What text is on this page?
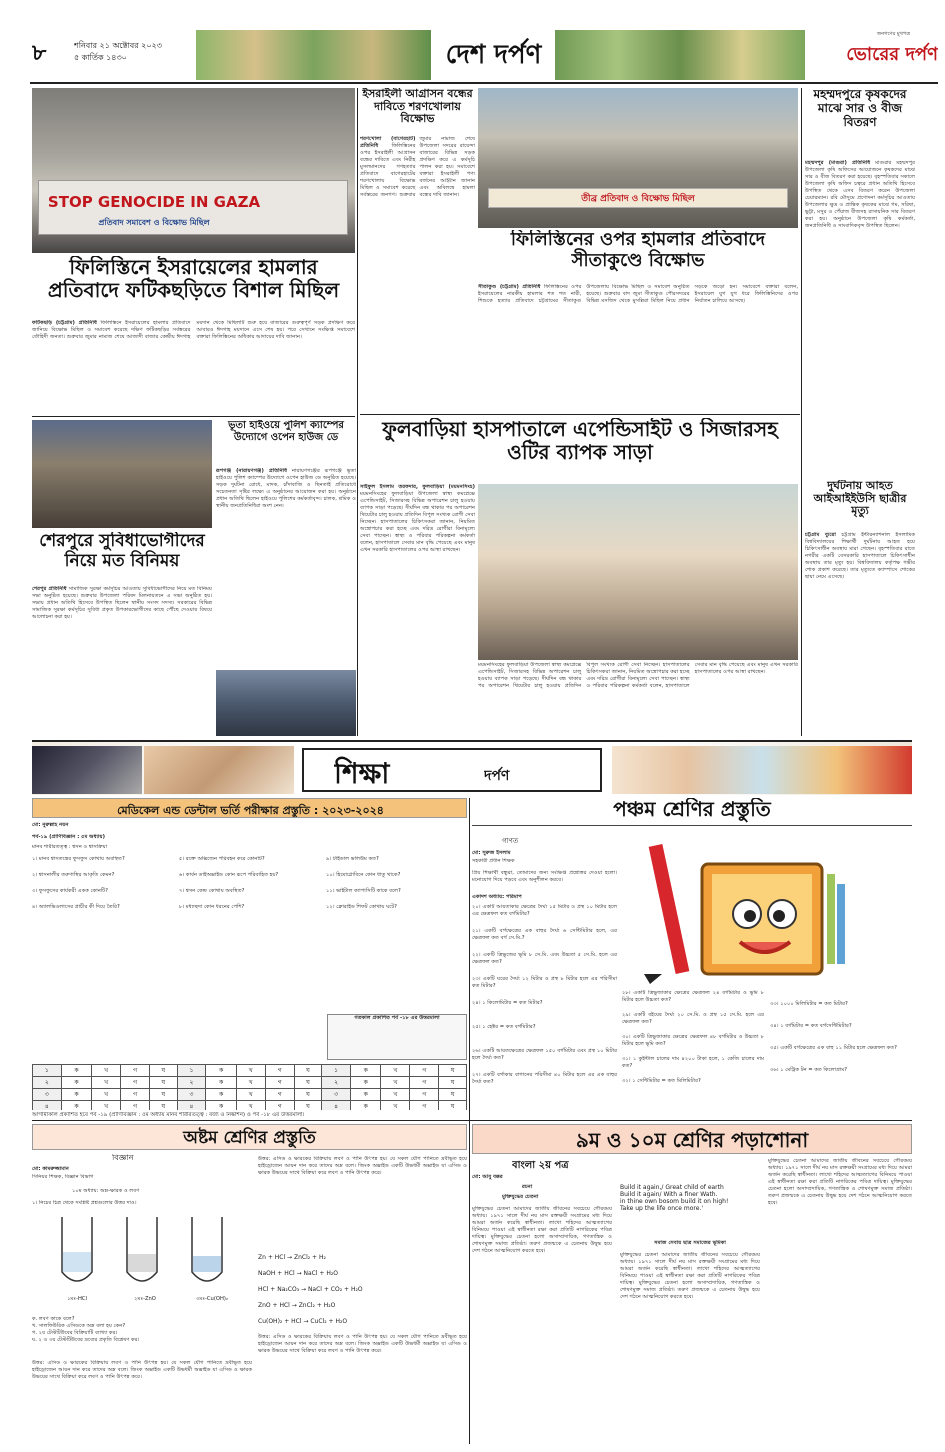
৮	শনিবার ২১ অক্টোবর ২০২৩
৫ কার্তিক ১৪৩০	দেশ দর্পণ
জনগণের মুখপত্র
ভোরের দর্পণ
STOP GENOCIDE IN GAZA
প্রতিবাদ সমাবেশ ও বিক্ষোভ মিছিল
ফিলিস্তিনে ইসরায়েলের হামলার প্রতিবাদে ফটিকছড়িতে বিশাল মিছিল
ফটিকছড়ি (চট্টগ্রাম) প্রতিনিধি ফিলিস্তিনে ইসরায়েলের হামলার প্রতিবাদে জানিয়ে বিক্ষোভ মিছিল ও সমাবেশ করেছে দক্ষিণ ফটিকছড়ির সর্বস্তরের তৌহিদী জনতা। শুক্রবার জুমার নামাজ শেষে আজাদী বাজার কেন্দ্রীয় ঈদগাহ ময়দান থেকে মিছিলটি শুরু হয়ে বাজারের গুরুত্বপূর্ণ সড়ক প্রদক্ষিণ করে আবারও ঈদগাহ ময়দানে এসে শেষ হয়। পরে সেখানে সংক্ষিপ্ত সমাবেশে বক্তারা ফিলিস্তিনের অধিকার আদায়ের দাবি জানান।
ইসরাইলী আগ্রাসন বন্ধের দাবিতে শরণখোলায় বিক্ষোভ
শরণখোলা (বাগেরহাট) প্রতিনিধি	ফিলিস্তিনের ওপর ইসরাইলী আগ্রাসন বন্ধের দাবিতে এবং নিরীহ মুসলমানদের গণহত্যার প্রতিবাদে বাগেরহাটের শরণখোলায় বিক্ষোভ মিছিল ও সমাবেশ করেছে সর্বস্তরের জনগণ। শুক্রবার জুমার নামাজ শেষে উপজেলা সদরের রায়েন্দা বাজারের বিভিন্ন সড়ক প্রদক্ষিণ করে এ কর্মসূচি পালন করা হয়। সমাবেশে বক্তারা ইসরাইলী পণ্য বর্জনের আহ্বান জানান এবং অবিলম্বে হামলা বন্ধের দাবি জানান।	তীব্র প্রতিবাদ ও বিক্ষোভ মিছিল
ফিলিস্তিনের ওপর হামলার প্রতিবাদে সীতাকুণ্ডে বিক্ষোভ
সীতাকুণ্ড (চট্টগ্রাম) প্রতিনিধি ফিলিস্তিনের ওপর ইসরায়েলের নারকীয় হামলার শত শত নারী, শিশুকে হত্যার প্রতিবাদে চট্টগ্রামের সীতাকুণ্ড উপজেলায় বিক্ষোভ মিছিল ও সমাবেশ অনুষ্ঠিত হয়েছে। শুক্রবার বাদ জুমা সীতাকুণ্ড পৌরসদরের বিভিন্ন মসজিদ থেকে মুসল্লিরা মিছিল নিয়ে প্রধান সড়কে জড়ো হন। সমাবেশে বক্তারা বলেন, ইসরায়েল যুগ যুগ ধরে ফিলিস্তিনিদের ওপর নির্যাতন চালিয়ে আসছে।
মহম্মদপুরে কৃষকদের মাঝে সার ও বীজ বিতরণ
মহম্মদপুর (মাগুরা) প্রতিনিধি মাগুরার মহম্মদপুর উপজেলা কৃষি অফিসের আয়োজনে কৃষকদের মাঝে সার ও বীজ বিতরণ করা হয়েছে। বৃহস্পতিবার সকালে উপজেলা কৃষি অফিস চত্বরে প্রধান অতিথি হিসেবে উপস্থিত থেকে এসব বিতরণ করেন উপজেলা চেয়ারম্যান। রবি মৌসুমে প্রণোদনা কর্মসূচির আওতায় উপজেলার ক্ষুদ্র ও প্রান্তিক কৃষকের মাঝে গম, সরিষা, ভুট্টা, মসুর ও পেঁয়াজ বীজসহ রাসায়নিক সার বিতরণ করা হয়। অনুষ্ঠানে উপজেলা কৃষি কর্মকর্তা, জনপ্রতিনিধি ও সাংবাদিকবৃন্দ উপস্থিত ছিলেন।
ভূতা হাইওয়ে পুলিশ ক্যাম্পের উদ্যোগে ওপেন হাউজ ডে
রূপগঞ্জ (নারায়ণগঞ্জ) প্রতিনিধি নারায়ণগঞ্জের রূপগঞ্জে ভূতা হাইওয়ে পুলিশ ক্যাম্পের উদ্যোগে ওপেন হাউজ ডে অনুষ্ঠিত হয়েছে। সড়ক দুর্ঘটনা রোধে, মাদক, চাঁদাবাজি ও ছিনতাই প্রতিরোধে সচেতনতা সৃষ্টির লক্ষ্যে এ অনুষ্ঠানের আয়োজন করা হয়। অনুষ্ঠানে প্রধান অতিথি ছিলেন হাইওয়ে পুলিশের কর্মকর্তাবৃন্দ। চালক, শ্রমিক ও স্থানীয় জনপ্রতিনিধিরা অংশ নেন।
শেরপুরে সুবিধাভোগীদের নিয়ে মত বিনিময়
শেরপুর প্রতিনিধি সামাজিক সুরক্ষা কর্মসূচির আওতায় সুবিধাভোগীদের নিয়ে মত বিনিময় সভা অনুষ্ঠিত হয়েছে। শুক্রবার উপজেলা পরিষদ মিলনায়তনে এ সভা অনুষ্ঠিত হয়। সভায় প্রধান অতিথি হিসেবে উপস্থিত ছিলেন স্থানীয় সংসদ সদস্য। সরকারের বিভিন্ন সামাজিক সুরক্ষা কর্মসূচির সুবিধা প্রকৃত উপকারভোগীদের কাছে পৌঁছে দেওয়ার বিষয়ে আলোচনা করা হয়।
ফুলবাড়িয়া হাসপাতালে এপেন্ডিসাইট ও সিজারসহ ওটির ব্যাপক সাড়া
সাইফুল ইসলাম তরফদার, ফুলবাড়িয়া (ময়মনসিংহ) ময়মনসিংহের ফুলবাড়িয়া উপজেলা স্বাস্থ্য কমপ্লেক্সে এপেন্ডিসাইট, সিজারসহ বিভিন্ন অপারেশন চালু হওয়ায় ব্যাপক সাড়া পড়েছে। দীর্ঘদিন বন্ধ থাকার পর অপারেশন থিয়েটার চালু হওয়ায় প্রতিদিন বিপুল সংখ্যক রোগী সেবা নিচ্ছেন। হাসপাতালের চিকিৎসকরা জানান, নিয়মিত অস্ত্রোপচার করা হচ্ছে এবং দরিদ্র রোগীরা বিনামূল্যে সেবা পাচ্ছেন। স্বাস্থ্য ও পরিবার পরিকল্পনা কর্মকর্তা বলেন, হাসপাতালে সেবার মান বৃদ্ধি পেয়েছে এবং মানুষ এখন সরকারি হাসপাতালের ওপর আস্থা রাখছেন।
ময়মনসিংহের ফুলবাড়িয়া উপজেলা স্বাস্থ্য কমপ্লেক্সে এপেন্ডিসাইট, সিজারসহ বিভিন্ন অপারেশন চালু হওয়ায় ব্যাপক সাড়া পড়েছে। দীর্ঘদিন বন্ধ থাকার পর অপারেশন থিয়েটার চালু হওয়ায় প্রতিদিন বিপুল সংখ্যক রোগী সেবা নিচ্ছেন। হাসপাতালের চিকিৎসকরা জানান, নিয়মিত অস্ত্রোপচার করা হচ্ছে এবং দরিদ্র রোগীরা বিনামূল্যে সেবা পাচ্ছেন। স্বাস্থ্য ও পরিবার পরিকল্পনা কর্মকর্তা বলেন, হাসপাতালে সেবার মান বৃদ্ধি পেয়েছে এবং মানুষ এখন সরকারি হাসপাতালের ওপর আস্থা রাখছেন।
দুর্ঘটনায় আহত আইআইইউসি ছাত্রীর মৃত্যু
চট্টগ্রাম ব্যুরো চট্টগ্রাম ইন্টারন্যাশনাল ইসলামিক বিশ্ববিদ্যালয়ের শিক্ষার্থী দুর্ঘটনায় আহত হয়ে চিকিৎসাধীন অবস্থায় মারা গেছেন। বৃহস্পতিবার রাতে নগরীর একটি বেসরকারি হাসপাতালে চিকিৎসাধীন অবস্থায় তার মৃত্যু হয়। বিশ্ববিদ্যালয় কর্তৃপক্ষ গভীর শোক প্রকাশ করেছে। তার মৃত্যুতে ক্যাম্পাসে শোকের ছায়া নেমে এসেছে।
শিক্ষা	দর্পণ
মেডিকেল এন্ড ডেন্টাল ভর্তি পরীক্ষার প্রস্তুতি : ২০২৩-২০২৪
মো: নুরুল্লাহ নয়ন
পর্ব-১৯ (প্রাণিবিজ্ঞান : ৫ম অধ্যায়)
মানব শারীরতত্ত্ব : শ্বসন ও শ্বাসক্রিয়া
১। মানব শ্বাসতন্ত্রের ফুসফুস কোথায় অবস্থিত?
২। শ্বাসনালীর তরুণাস্থির আকৃতি কেমন?
৩। ফুসফুসের কার্যকরী একক কোনটি?
৪। অ্যালভিওলাসের প্রাচীর কী দিয়ে তৈরি?
৫। রক্তে অক্সিজেন পরিবহন করে কোনটি?
৬। কার্বন ডাইঅক্সাইড কোন রূপে পরিবাহিত হয়?
৭। শ্বসন কেন্দ্র কোথায় অবস্থিত?
৮। মধ্যচ্ছদা কোন ধরনের পেশি?
৯। টাইডাল ভলিউম কত?
১০। হিমোগ্লোবিনে কোন ধাতু থাকে?
১১। ভাইটাল ক্যাপাসিটি কাকে বলে?
১২। ক্লোরাইড শিফট কোথায় ঘটে?
গতকাল প্রকাশিত পর্ব -১৮ এর উত্তরমালা
১	ক	খ	গ	ঘ	১	ক	খ	গ	ঘ	১	ক	খ	গ	ঘ
২	ক	খ	গ	ঘ	২	ক	খ	গ	ঘ	২	ক	খ	গ	ঘ
৩	ক	খ	গ	ঘ	৩	ক	খ	গ	ঘ	৩	ক	খ	গ	ঘ
৪	ক	খ	গ	ঘ	৪	ক	খ	গ	ঘ	৪	ক	খ	গ	ঘ

আগামীকাল প্রকাশিত হবে পর্ব -১৯ (প্রাণিবিজ্ঞান : ৫ম অধ্যায় মানব শারীরতত্ত্ব : বর্জ্য ও নিষ্কাশন) ও পর্ব -১৮ এর উত্তরমালা।
পঞ্চম শ্রেণির প্রস্তুতি
গণিত
মো: সুরুজ ইসলাম
সহকারী প্রধান শিক্ষক
প্রিয় শিক্ষার্থী বন্ধুরা, তোমাদের জন্য সংক্ষিপ্ত প্রশ্নোত্তর দেওয়া হলো। মনোযোগ দিয়ে পড়বে এবং অনুশীলন করবে।
একাদশ অধ্যায়: পরিমাপ
২০। একটি আয়তাকার ক্ষেত্রের দৈর্ঘ্য ১৫ মিটার ও প্রস্থ ১০ মিটার হলে এর ক্ষেত্রফল কত বর্গমিটার?
২১। একটি বর্গক্ষেত্রের এক বাহুর দৈর্ঘ্য ৬ সেন্টিমিটার হলে, এর ক্ষেত্রফল কত বর্গ সে.মি.?
২২। একটি ত্রিভুজের ভূমি ৮ সে.মি. এবং উচ্চতা ৫ সে.মি. হলে এর ক্ষেত্রফল কত?
২৩। একটি ঘরের দৈর্ঘ্য ১২ মিটার ও প্রস্থ ৮ মিটার হলে এর পরিসীমা কত মিটার?
২৪। ১ কিলোমিটার = কত মিটার?
২৫। ১ হেক্টর = কত বর্গমিটার?
২৬। একটি আয়তক্ষেত্রের ক্ষেত্রফল ১৫০ বর্গমিটার এবং প্রস্থ ১০ মিটার হলে দৈর্ঘ্য কত?
২৭। একটি বর্গাকার বাগানের পরিসীমা ৪০ মিটার হলে এর এক বাহুর দৈর্ঘ্য কত?
২৮। একটি ত্রিভুজাকার ক্ষেত্রের ক্ষেত্রফল ২৪ বর্গমিটার ও ভূমি ৮ মিটার হলে উচ্চতা কত?
২৯। একটি বইয়ের দৈর্ঘ্য ২০ সে.মি. ও প্রস্থ ১৫ সে.মি. হলে এর ক্ষেত্রফল কত?
৩০। একটি ত্রিভুজাকার ক্ষেত্রের ক্ষেত্রফল ৪৮ বর্গমিটার ও উচ্চতা ৮ মিটার হলে ভূমি কত?
৩১। ১ কুইন্টাল চালের দাম ৪২০০ টাকা হলে, ১ কেজি চালের দাম কত?
৩২। ১ সেন্টিমিটার = কত মিলিমিটার?
৩৩। ১০০০ মিলিমিটার = কত মিটার?
৩৪। ১ বর্গমিটার = কত বর্গসেন্টিমিটার?
৩৫। একটি বর্গক্ষেত্রের এক বাহু ১১ মিটার হলে ক্ষেত্রফল কত?
৩৬। ১ মেট্রিক টন = কত কিলোগ্রাম?
অষ্টম শ্রেণির প্রস্তুতি
বিজ্ঞান
মো: কামরুজ্জামান
সিনিয়র শিক্ষক, বিজ্ঞান বিভাগ
১০ম অধ্যায়: অম্ল-ক্ষারক ও লবণ
১। নিচের চিত্র থেকে সংশ্লিষ্ট প্রশ্নগুলোর উত্তর দাও।
১মঃ-HCl	২মঃ-ZnO	৩মঃ-Cu(OH)₂
ক. লবণ কাকে বলে?
খ. সালফিউরিক এসিডকে অম্ল বলা হয় কেন?
গ. ২য় টেস্টটিউবের বিক্রিয়াটি ব্যাখ্যা কর।
ঘ. ২ ও ৩য় টেস্টটিউবের দ্রব্যের প্রকৃতি বিশ্লেষণ কর।
উত্তর: এসিড ও ক্ষারকের বিক্রিয়ায় লবণ ও পানি উৎপন্ন হয়। যে সকল যৌগ পানিতে দ্রবীভূত হয়ে হাইড্রোজেন আয়ন দান করে তাদের অম্ল বলে। জিংক অক্সাইড একটি উভধর্মী অক্সাইড যা এসিড ও ক্ষারক উভয়ের সাথে বিক্রিয়া করে লবণ ও পানি উৎপন্ন করে।
উত্তর: এসিড ও ক্ষারকের বিক্রিয়ায় লবণ ও পানি উৎপন্ন হয়। যে সকল যৌগ পানিতে দ্রবীভূত হয়ে হাইড্রোজেন আয়ন দান করে তাদের অম্ল বলে। জিংক অক্সাইড একটি উভধর্মী অক্সাইড যা এসিড ও ক্ষারক উভয়ের সাথে বিক্রিয়া করে লবণ ও পানি উৎপন্ন করে।
Zn + HCl → ZnCl₂ + H₂
NaOH + HCl → NaCl + H₂O
HCl + Na₂CO₃ → NaCl + CO₂ + H₂O
ZnO + HCl → ZnCl₂ + H₂O
Cu(OH)₂ + HCl → CuCl₂ + H₂O
উত্তর: এসিড ও ক্ষারকের বিক্রিয়ায় লবণ ও পানি উৎপন্ন হয়। যে সকল যৌগ পানিতে দ্রবীভূত হয়ে হাইড্রোজেন আয়ন দান করে তাদের অম্ল বলে। জিংক অক্সাইড একটি উভধর্মী অক্সাইড যা এসিড ও ক্ষারক উভয়ের সাথে বিক্রিয়া করে লবণ ও পানি উৎপন্ন করে।
৯ম ও ১০ম শ্রেণির পড়াশোনা
বাংলা ২য় পত্র
মো: আবু বক্কর
রচনা
মুক্তিযুদ্ধের চেতনা
মুক্তিযুদ্ধের চেতনা আমাদের জাতীয় জীবনের সবচেয়ে গৌরবময় অধ্যায়। ১৯৭১ সালে দীর্ঘ নয় মাস রক্তক্ষয়ী সংগ্রামের মধ্য দিয়ে আমরা অর্জন করেছি স্বাধীনতা। লাখো শহিদের আত্মত্যাগের বিনিময়ে পাওয়া এই স্বাধীনতা রক্ষা করা প্রতিটি নাগরিকের পবিত্র দায়িত্ব। মুক্তিযুদ্ধের চেতনা হলো অসাম্প্রদায়িক, গণতান্ত্রিক ও শোষণমুক্ত সমাজ প্রতিষ্ঠা। তরুণ প্রজন্মকে এ চেতনায় উদ্বুদ্ধ হয়ে দেশ গঠনে আত্মনিয়োগ করতে হবে।
Build it again,/ Great child of earth
Build it again/ With a finer Wath.
in thine own bosom build it on high!
Take up the life once more.'
সমাজ সেবায় ছাত্র সমাজের ভূমিকা
মুক্তিযুদ্ধের চেতনা আমাদের জাতীয় জীবনের সবচেয়ে গৌরবময় অধ্যায়। ১৯৭১ সালে দীর্ঘ নয় মাস রক্তক্ষয়ী সংগ্রামের মধ্য দিয়ে আমরা অর্জন করেছি স্বাধীনতা। লাখো শহিদের আত্মত্যাগের বিনিময়ে পাওয়া এই স্বাধীনতা রক্ষা করা প্রতিটি নাগরিকের পবিত্র দায়িত্ব। মুক্তিযুদ্ধের চেতনা হলো অসাম্প্রদায়িক, গণতান্ত্রিক ও শোষণমুক্ত সমাজ প্রতিষ্ঠা। তরুণ প্রজন্মকে এ চেতনায় উদ্বুদ্ধ হয়ে দেশ গঠনে আত্মনিয়োগ করতে হবে।
মুক্তিযুদ্ধের চেতনা আমাদের জাতীয় জীবনের সবচেয়ে গৌরবময় অধ্যায়। ১৯৭১ সালে দীর্ঘ নয় মাস রক্তক্ষয়ী সংগ্রামের মধ্য দিয়ে আমরা অর্জন করেছি স্বাধীনতা। লাখো শহিদের আত্মত্যাগের বিনিময়ে পাওয়া এই স্বাধীনতা রক্ষা করা প্রতিটি নাগরিকের পবিত্র দায়িত্ব। মুক্তিযুদ্ধের চেতনা হলো অসাম্প্রদায়িক, গণতান্ত্রিক ও শোষণমুক্ত সমাজ প্রতিষ্ঠা। তরুণ প্রজন্মকে এ চেতনায় উদ্বুদ্ধ হয়ে দেশ গঠনে আত্মনিয়োগ করতে হবে।
